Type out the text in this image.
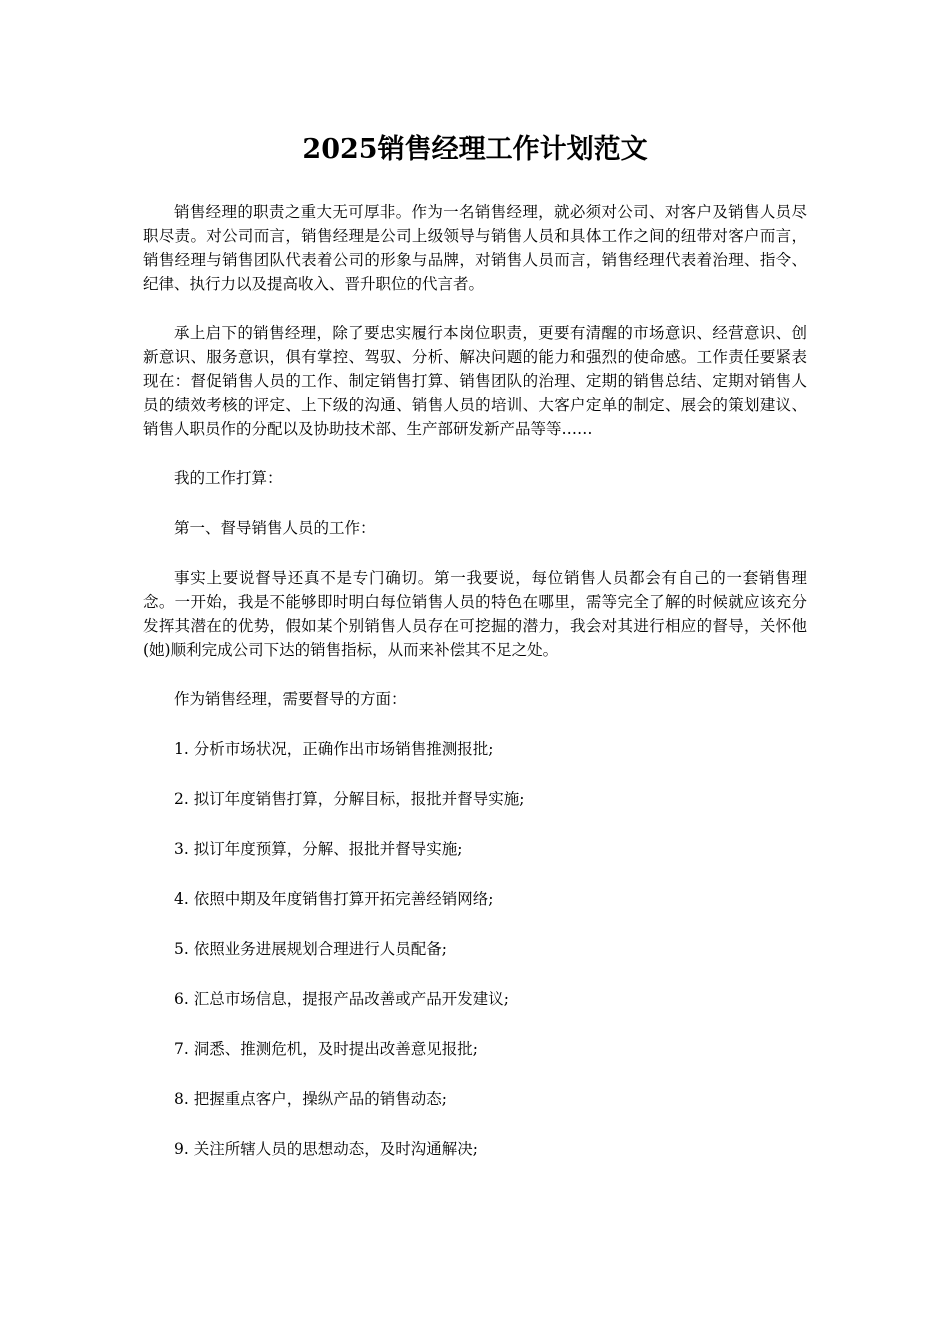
2025销售经理工作计划范文

销售经理的职责之重大无可厚非。作为一名销售经理，就必须对公司、对客户及销售人员尽职尽责。对公司而言，销售经理是公司上级领导与销售人员和具体工作之间的纽带对客户而言，销售经理与销售团队代表着公司的形象与品牌，对销售人员而言，销售经理代表着治理、指令、纪律、执行力以及提高收入、晋升职位的代言者。

承上启下的销售经理，除了要忠实履行本岗位职责，更要有清醒的市场意识、经营意识、创新意识、服务意识，俱有掌控、驾驭、分析、解决问题的能力和强烈的使命感。工作责任要紧表现在：督促销售人员的工作、制定销售打算、销售团队的治理、定期的销售总结、定期对销售人员的绩效考核的评定、上下级的沟通、销售人员的培训、大客户定单的制定、展会的策划建议、销售人职员作的分配以及协助技术部、生产部研发新产品等等……

我的工作打算：

第一、督导销售人员的工作：

事实上要说督导还真不是专门确切。第一我要说，每位销售人员都会有自己的一套销售理念。一开始，我是不能够即时明白每位销售人员的特色在哪里，需等完全了解的时候就应该充分发挥其潜在的优势，假如某个别销售人员存在可挖掘的潜力，我会对其进行相应的督导，关怀他(她)顺利完成公司下达的销售指标，从而来补偿其不足之处。

作为销售经理，需要督导的方面：

1. 分析市场状况，正确作出市场销售推测报批;

2. 拟订年度销售打算，分解目标，报批并督导实施;

3. 拟订年度预算，分解、报批并督导实施;

4. 依照中期及年度销售打算开拓完善经销网络;

5. 依照业务进展规划合理进行人员配备;

6. 汇总市场信息，提报产品改善或产品开发建议;

7. 洞悉、推测危机，及时提出改善意见报批;

8. 把握重点客户，操纵产品的销售动态;

9. 关注所辖人员的思想动态，及时沟通解决;
